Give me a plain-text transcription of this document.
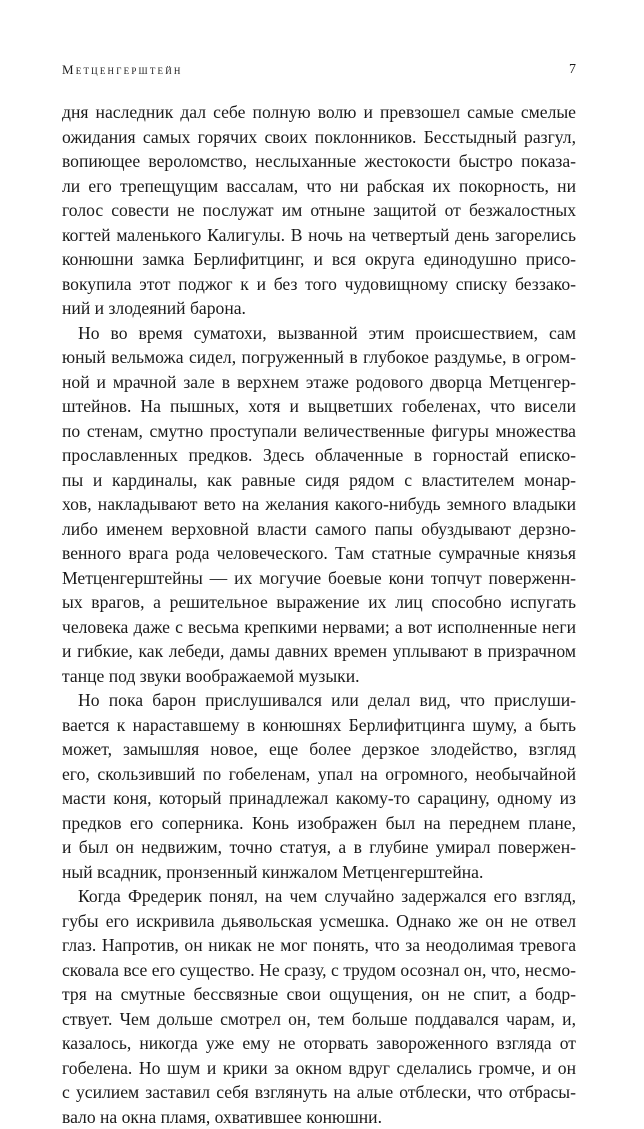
Метценгерштейн	7
дня наследник дал себе полную волю и превзошел самые смелые
ожидания самых горячих своих поклонников. Бесстыдный разгул,
вопиющее вероломство, неслыханные жестокости быстро показа-
ли его трепещущим вассалам, что ни рабская их покорность, ни
голос совести не послужат им отныне защитой от безжалостных
когтей маленького Калигулы. В ночь на четвертый день загорелись
конюшни замка Берлифитцинг, и вся округа единодушно присо-
вокупила этот поджог к и без того чудовищному списку беззако-
ний и злодеяний барона.
Но во время суматохи, вызванной этим происшествием, сам
юный вельможа сидел, погруженный в глубокое раздумье, в огром-
ной и мрачной зале в верхнем этаже родового дворца Метценгер-
штейнов. На пышных, хотя и выцветших гобеленах, что висели
по стенам, смутно проступали величественные фигуры множества
прославленных предков. Здесь облаченные в горностай еписко-
пы и кардиналы, как равные сидя рядом с властителем монар-
хов, накладывают вето на желания какого-нибудь земного владыки
либо именем верховной власти самого папы обуздывают дерзно-
венного врага рода человеческого. Там статные сумрачные князья
Метценгерштейны — их могучие боевые кони топчут поверженн-
ых врагов, а решительное выражение их лиц способно испугать
человека даже с весьма крепкими нервами; а вот исполненные неги
и гибкие, как лебеди, дамы давних времен уплывают в призрачном
танце под звуки воображаемой музыки.
Но пока барон прислушивался или делал вид, что прислуши-
вается к нараставшему в конюшнях Берлифитцинга шуму, а быть
может, замышляя новое, еще более дерзкое злодейство, взгляд
его, скользивший по гобеленам, упал на огромного, необычайной
масти коня, который принадлежал какому-то сарацину, одному из
предков его соперника. Конь изображен был на переднем плане,
и был он недвижим, точно статуя, а в глубине умирал повержен-
ный всадник, пронзенный кинжалом Метценгерштейна.
Когда Фредерик понял, на чем случайно задержался его взгляд,
губы его искривила дьявольская усмешка. Однако же он не отвел
глаз. Напротив, он никак не мог понять, что за неодолимая тревога
сковала все его существо. Не сразу, с трудом осознал он, что, несмо-
тря на смутные бессвязные свои ощущения, он не спит, а бодр-
ствует. Чем дольше смотрел он, тем больше поддавался чарам, и,
казалось, никогда уже ему не оторвать завороженного взгляда от
гобелена. Но шум и крики за окном вдруг сделались громче, и он
с усилием заставил себя взглянуть на алые отблески, что отбрасы-
вало на окна пламя, охватившее конюшни.
